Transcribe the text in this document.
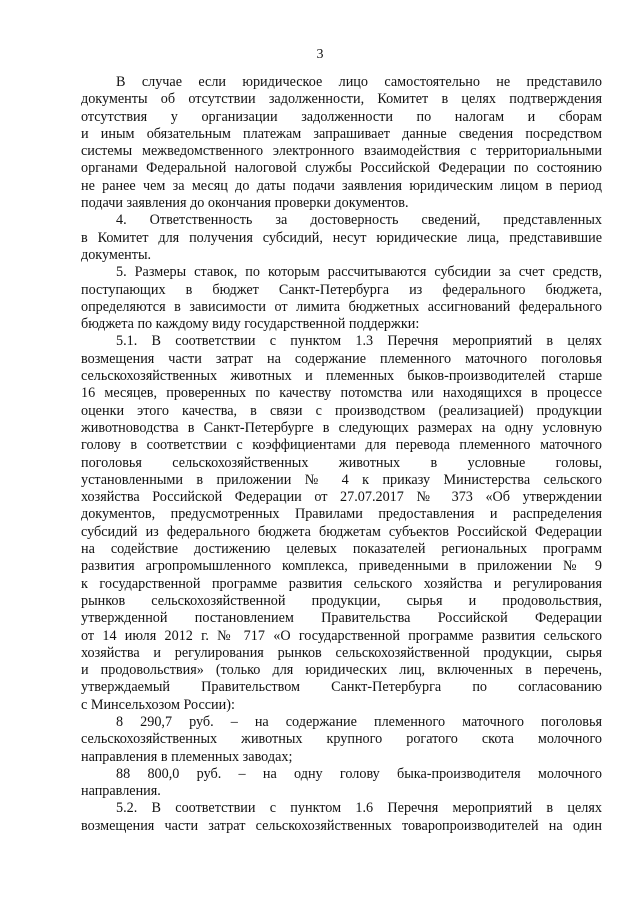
3

В случае если юридическое лицо самостоятельно не представило
документы об отсутствии задолженности, Комитет в целях подтверждения
отсутствия у организации задолженности по налогам и сборам
и иным обязательным платежам запрашивает данные сведения посредством
системы межведомственного электронного взаимодействия с территориальными
органами Федеральной налоговой службы Российской Федерации по состоянию
не ранее чем за месяц до даты подачи заявления юридическим лицом в период
подачи заявления до окончания проверки документов.

4. Ответственность за достоверность сведений, представленных
в Комитет для получения субсидий, несут юридические лица, представившие
документы.

5. Размеры ставок, по которым рассчитываются субсидии за счет средств,
поступающих в бюджет Санкт-Петербурга из федерального бюджета,
определяются в зависимости от лимита бюджетных ассигнований федерального
бюджета по каждому виду государственной поддержки:

5.1. В соответствии с пунктом 1.3 Перечня мероприятий в целях
возмещения части затрат на содержание племенного маточного поголовья
сельскохозяйственных животных и племенных быков-производителей старше
16 месяцев, проверенных по качеству потомства или находящихся в процессе
оценки этого качества, в связи с производством (реализацией) продукции
животноводства в Санкт-Петербурге в следующих размерах на одну условную
голову в соответствии с коэффициентами для перевода племенного маточного
поголовья сельскохозяйственных животных в условные головы,
установленными в приложении № 4 к приказу Министерства сельского
хозяйства Российской Федерации от 27.07.2017 № 373 «Об утверждении
документов, предусмотренных Правилами предоставления и распределения
субсидий из федерального бюджета бюджетам субъектов Российской Федерации
на содействие достижению целевых показателей региональных программ
развития агропромышленного комплекса, приведенными в приложении № 9
к государственной программе развития сельского хозяйства и регулирования
рынков сельскохозяйственной продукции, сырья и продовольствия,
утвержденной постановлением Правительства Российской Федерации
от 14 июля 2012 г. № 717 «О государственной программе развития сельского
хозяйства и регулирования рынков сельскохозяйственной продукции, сырья
и продовольствия» (только для юридических лиц, включенных в перечень,
утверждаемый Правительством Санкт-Петербурга по согласованию
с Минсельхозом России):

8 290,7 руб. – на содержание племенного маточного поголовья
сельскохозяйственных животных крупного рогатого скота молочного
направления в племенных заводах;

88 800,0 руб. – на одну голову быка-производителя молочного
направления.

5.2. В соответствии с пунктом 1.6 Перечня мероприятий в целях
возмещения части затрат сельскохозяйственных товаропроизводителей на один
